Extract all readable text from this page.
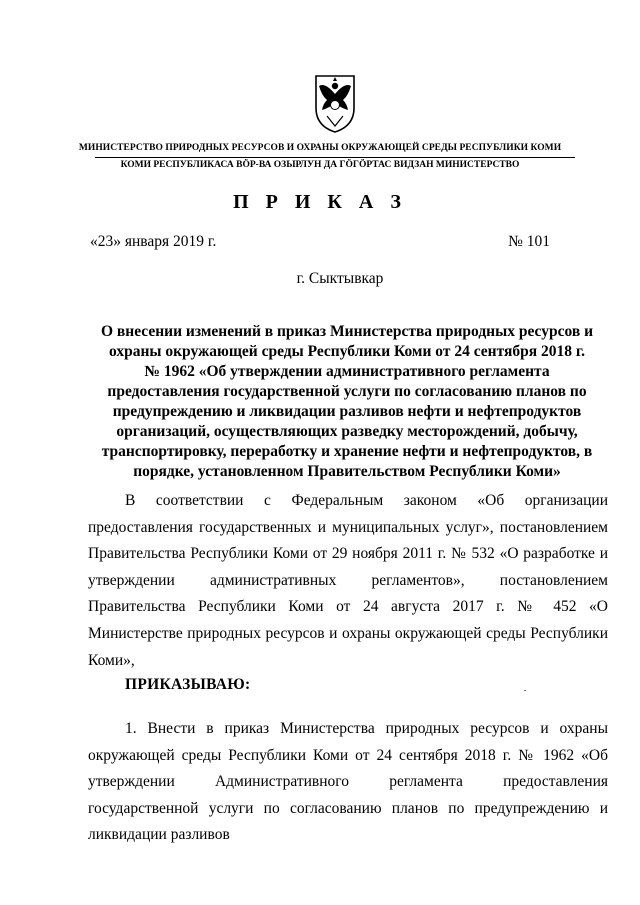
МИНИСТЕРСТВО ПРИРОДНЫХ РЕСУРСОВ И ОХРАНЫ ОКРУЖАЮЩЕЙ СРЕДЫ РЕСПУБЛИКИ КОМИ
КОМИ РЕСПУБЛИКАСА ВӦР-ВА ОЗЫРЛУН ДА ГӦГӦРТАС ВИДЗАН МИНИСТЕРСТВО
П Р И К А З
«23» января 2019 г.	№ 101
г. Сыктывкар
О внесении изменений в приказ Министерства природных ресурсов и охраны окружающей среды Республики Коми от 24 сентября 2018 г. № 1962 «Об утверждении административного регламента предоставления государственной услуги по согласованию планов по предупреждению и ликвидации разливов нефти и нефтепродуктов организаций, осуществляющих разведку месторождений, добычу, транспортировку, переработку и хранение нефти и нефтепродуктов, в порядке, установленном Правительством Республики Коми»
В соответствии с Федеральным законом «Об организации предоставления государственных и муниципальных услуг», постановлением Правительства Республики Коми от 29 ноября 2011 г. № 532 «О разработке и утверждении административных регламентов», постановлением Правительства Республики Коми от 24 августа 2017 г. № 452 «О Министерстве природных ресурсов и охраны окружающей среды Республики Коми»,
ПРИКАЗЫВАЮ:
1. Внести в приказ Министерства природных ресурсов и охраны окружающей среды Республики Коми от 24 сентября 2018 г. № 1962 «Об утверждении Административного регламента предоставления государственной услуги по согласованию планов по предупреждению и ликвидации разливов
